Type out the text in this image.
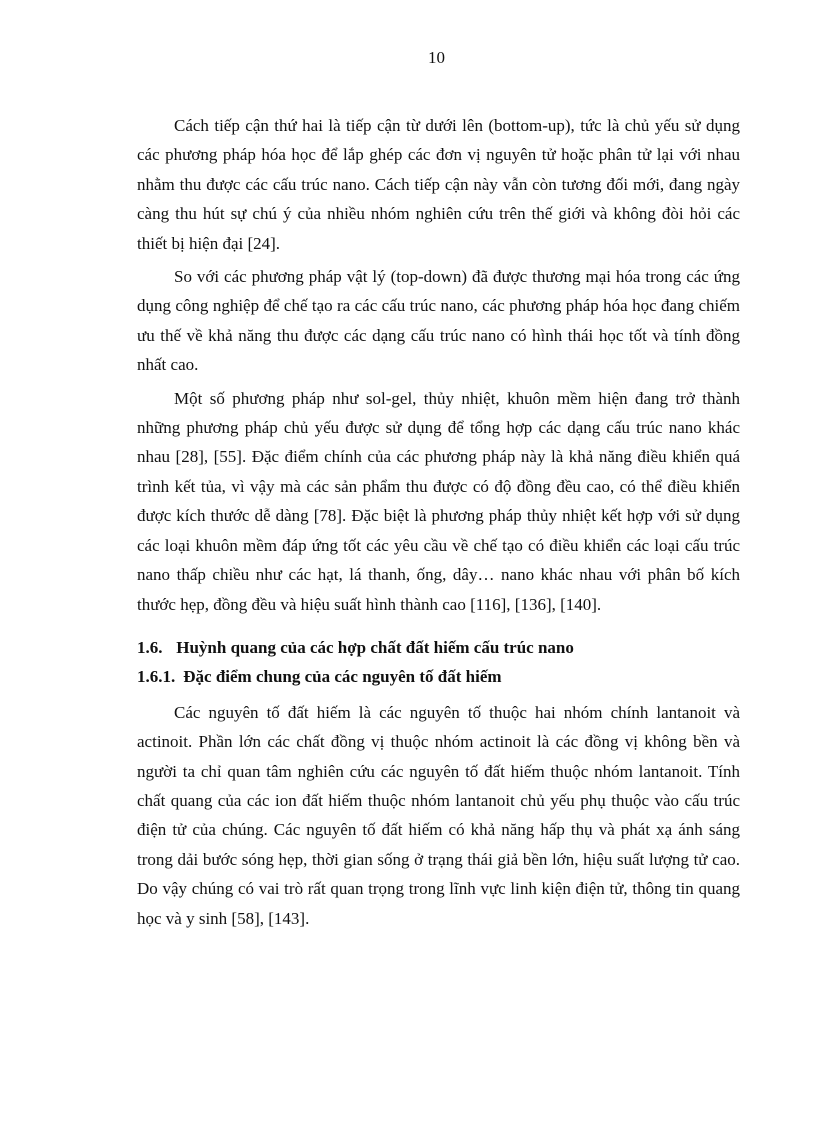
10

Cách tiếp cận thứ hai là tiếp cận từ dưới lên (bottom-up), tức là chủ yếu sử dụng các phương pháp hóa học để lắp ghép các đơn vị nguyên tử hoặc phân tử lại với nhau nhằm thu được các cấu trúc nano. Cách tiếp cận này vẫn còn tương đối mới, đang ngày càng thu hút sự chú ý của nhiều nhóm nghiên cứu trên thế giới và không đòi hỏi các thiết bị hiện đại [24].

So với các phương pháp vật lý (top-down) đã được thương mại hóa trong các ứng dụng công nghiệp để chế tạo ra các cấu trúc nano, các phương pháp hóa học đang chiếm ưu thế về khả năng thu được các dạng cấu trúc nano có hình thái học tốt và tính đồng nhất cao.

Một số phương pháp như sol-gel, thủy nhiệt, khuôn mềm hiện đang trở thành những phương pháp chủ yếu được sử dụng để tổng hợp các dạng cấu trúc nano khác nhau [28], [55]. Đặc điểm chính của các phương pháp này là khả năng điều khiển quá trình kết tủa, vì vậy mà các sản phẩm thu được có độ đồng đều cao, có thể điều khiển được kích thước dễ dàng [78]. Đặc biệt là phương pháp thủy nhiệt kết hợp với sử dụng các loại khuôn mềm đáp ứng tốt các yêu cầu về chế tạo có điều khiển các loại cấu trúc nano thấp chiều như các hạt, lá thanh, ống, dây… nano khác nhau với phân bố kích thước hẹp, đồng đều và hiệu suất hình thành cao [116], [136], [140].

1.6. Huỳnh quang của các hợp chất đất hiếm cấu trúc nano
1.6.1. Đặc điểm chung của các nguyên tố đất hiếm

Các nguyên tố đất hiếm là các nguyên tố thuộc hai nhóm chính lantanoit và actinoit. Phần lớn các chất đồng vị thuộc nhóm actinoit là các đồng vị không bền và người ta chỉ quan tâm nghiên cứu các nguyên tố đất hiếm thuộc nhóm lantanoit. Tính chất quang của các ion đất hiếm thuộc nhóm lantanoit chủ yếu phụ thuộc vào cấu trúc điện tử của chúng. Các nguyên tố đất hiếm có khả năng hấp thụ và phát xạ ánh sáng trong dải bước sóng hẹp, thời gian sống ở trạng thái giả bền lớn, hiệu suất lượng tử cao. Do vậy chúng có vai trò rất quan trọng trong lĩnh vực linh kiện điện tử, thông tin quang học và y sinh [58], [143].
